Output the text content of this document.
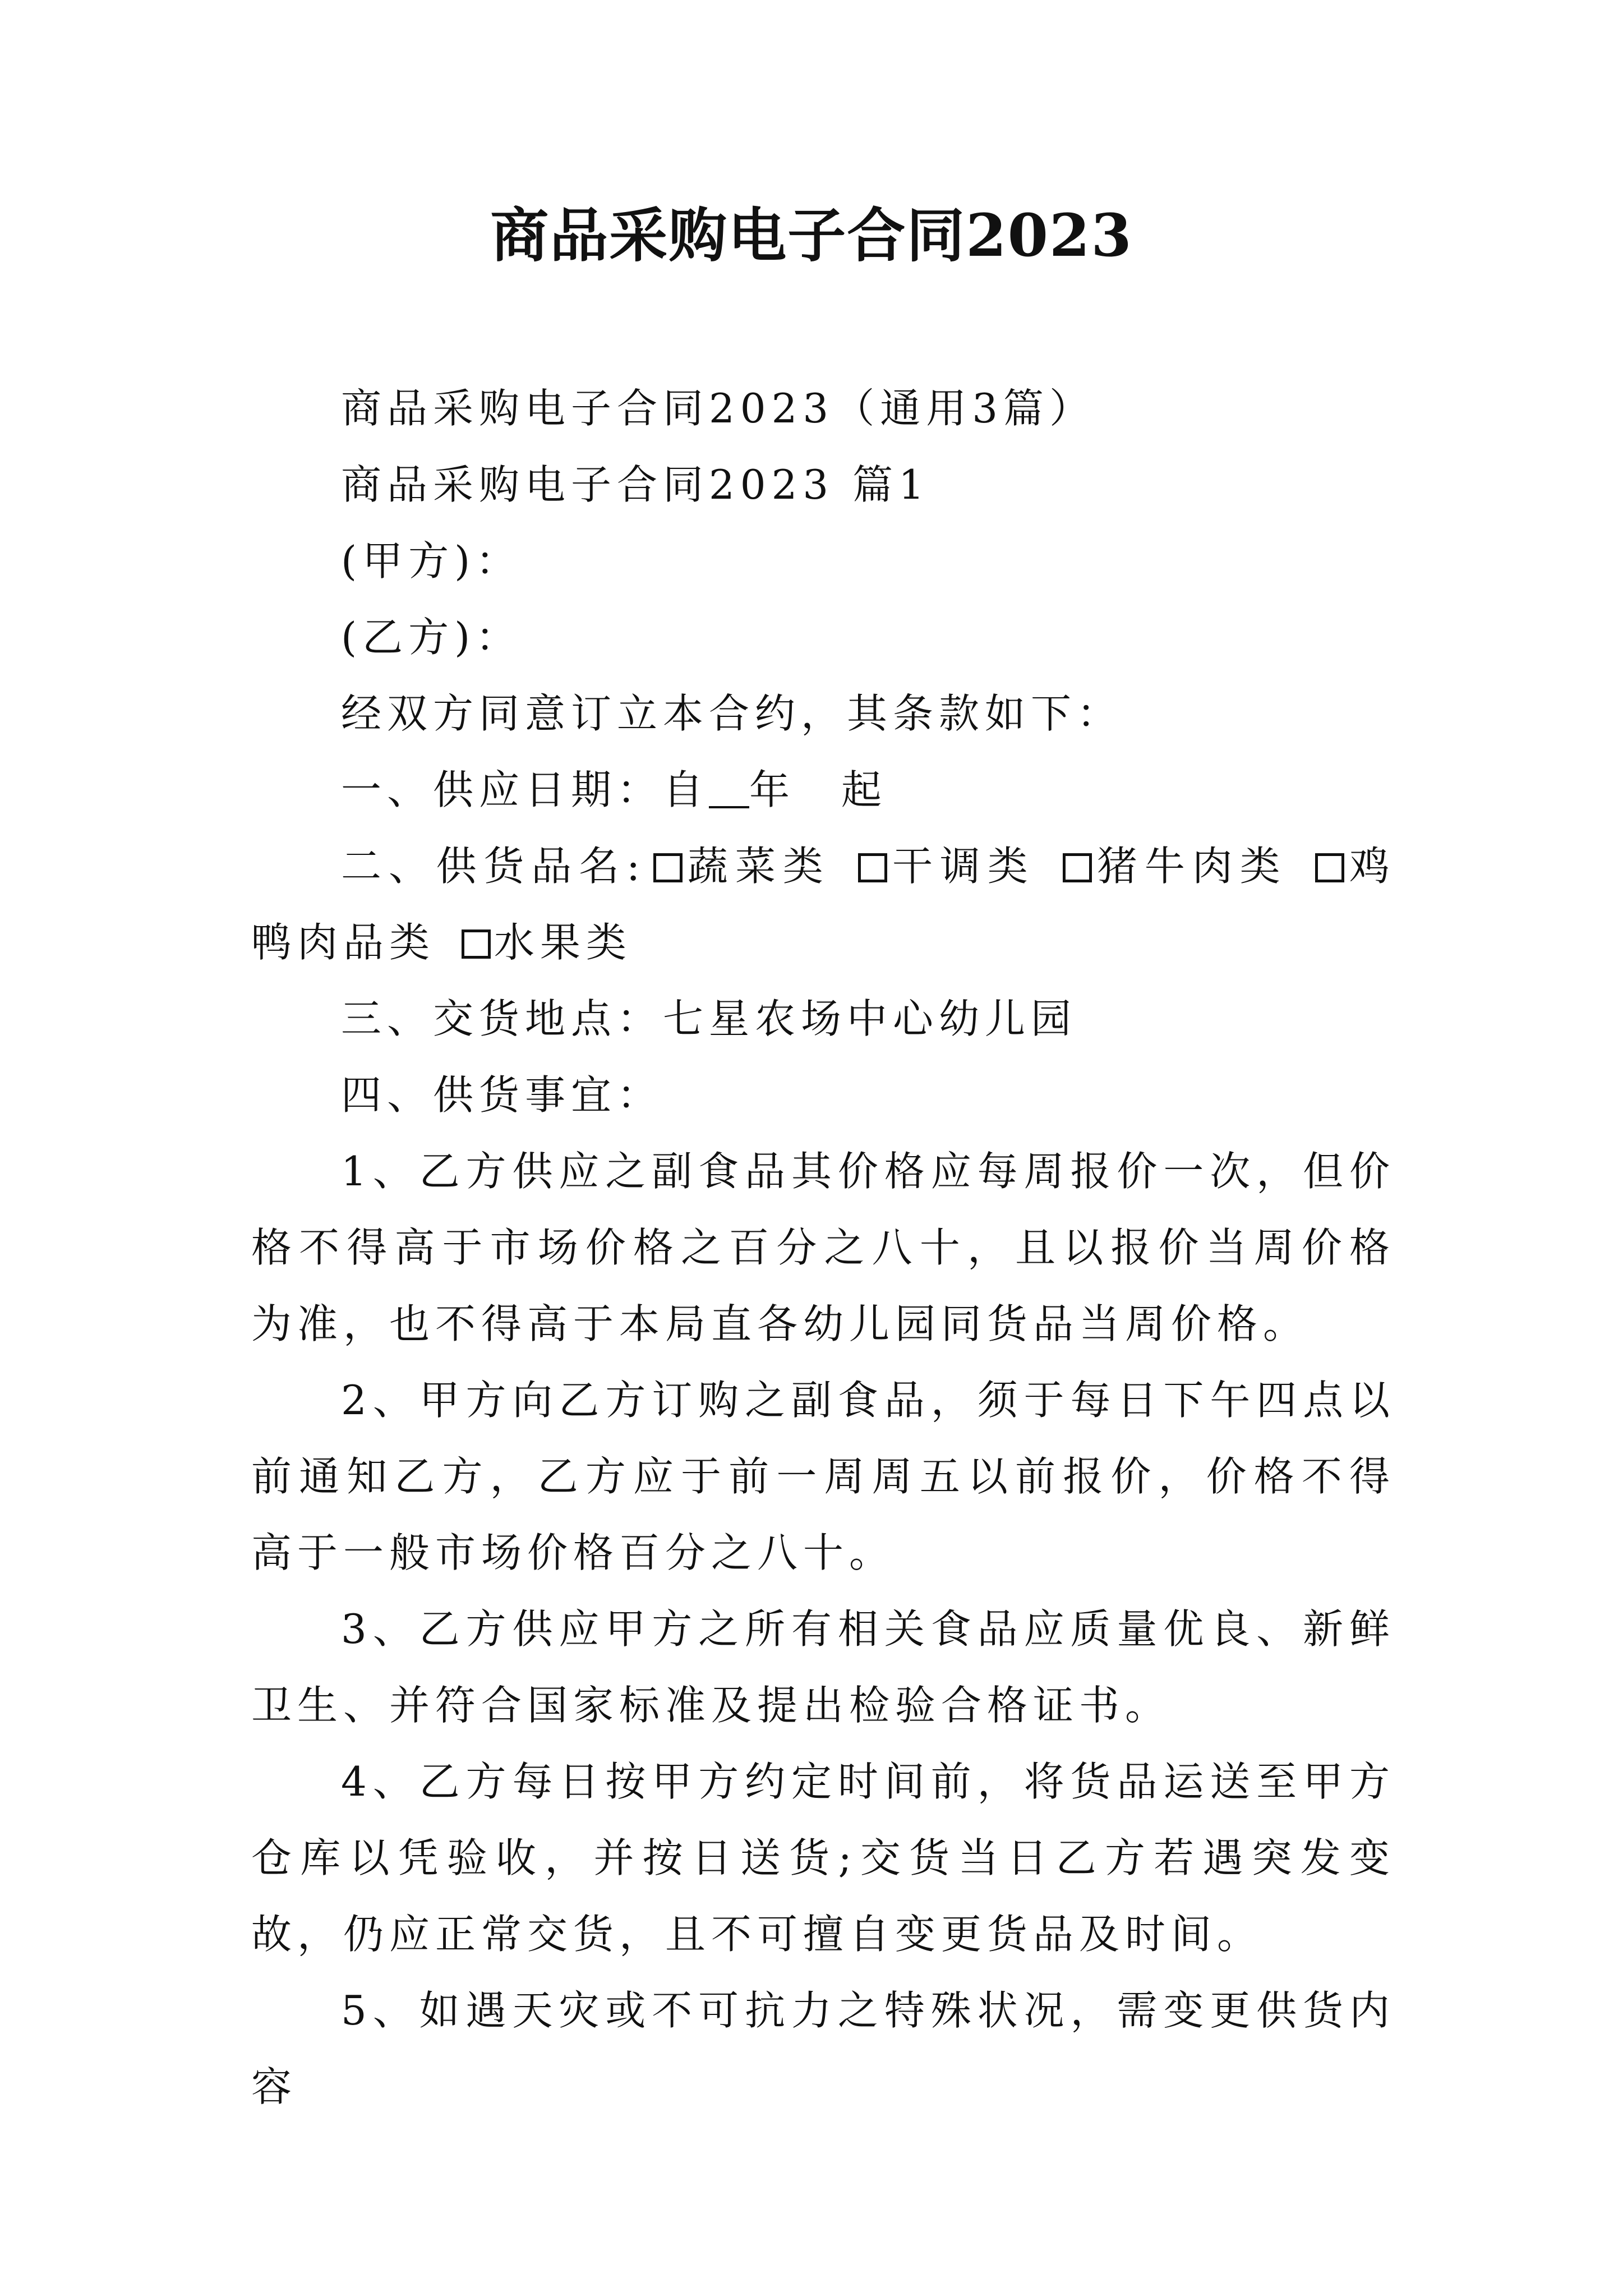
商品采购电子合同2023

商品采购电子合同2023（通用3篇）

商品采购电子合同2023 篇1

(甲方)：

(乙方)：

经双方同意订立本合约，其条款如下：

一、供应日期：自 年  起

二、供货品名: 蔬菜类 干调类 猪牛肉类 鸡鸭肉品类 水果类

三、交货地点：七星农场中心幼儿园

四、供货事宜：

1、乙方供应之副食品其价格应每周报价一次，但价格不得高于市场价格之百分之八十，且以报价当周价格为准，也不得高于本局直各幼儿园同货品当周价格。

2、甲方向乙方订购之副食品，须于每日下午四点以前通知乙方，乙方应于前一周周五以前报价，价格不得高于一般市场价格百分之八十。

3、乙方供应甲方之所有相关食品应质量优良、新鲜卫生、并符合国家标准及提出检验合格证书。

4、乙方每日按甲方约定时间前，将货品运送至甲方仓库以凭验收，并按日送货;交货当日乙方若遇突发变故，仍应正常交货，且不可擅自变更货品及时间。

5、如遇天灾或不可抗力之特殊状况，需变更供货内容
